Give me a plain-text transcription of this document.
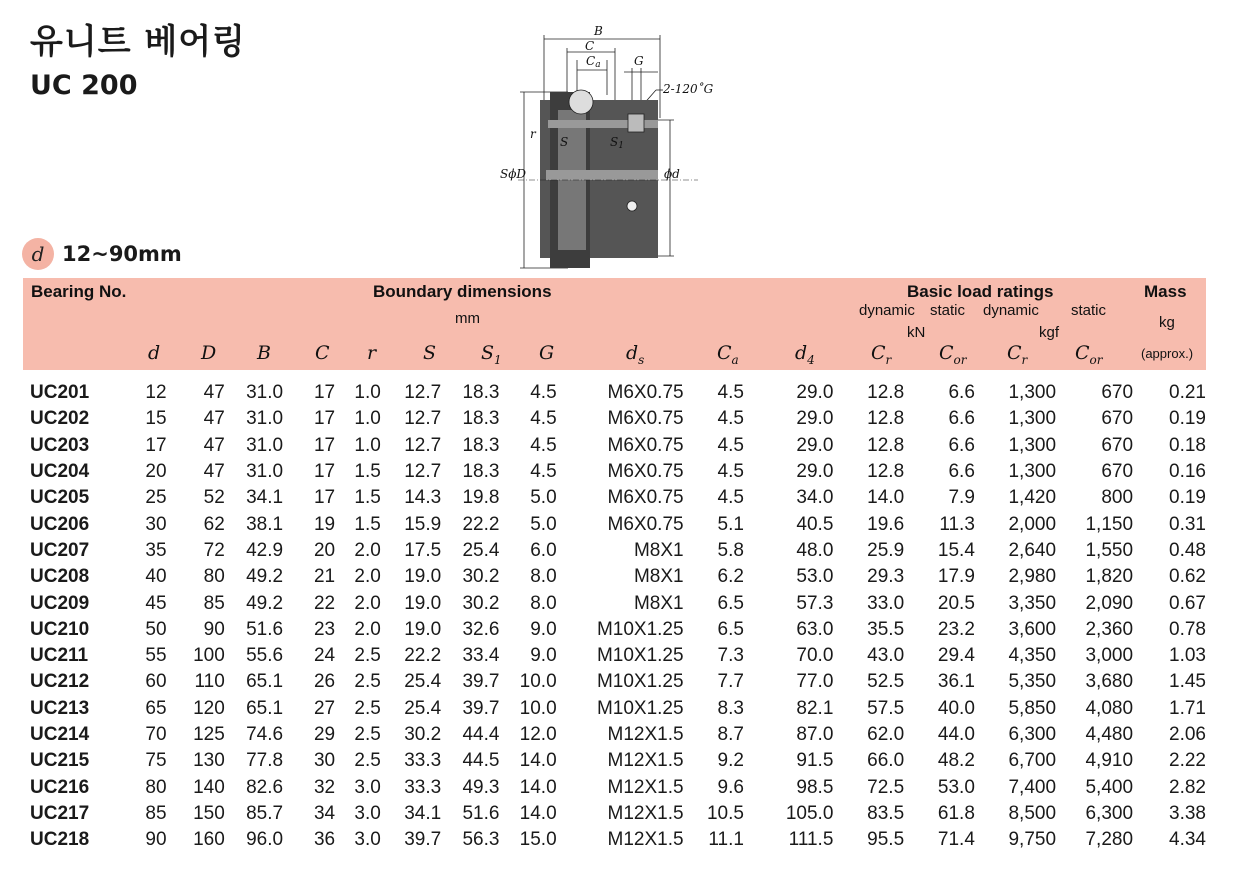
유니트 베어링
UC 200
d 12~90mm
B
C
Ca	G
2-120˚G
r
S	S1
SϕD	ϕd
Bearing No.	Boundary dimensions
mm
Basic load ratings
dynamic static dynamic static
kN	kgf
Mass
kg
(approx.)
d D B C r S $S_1$ G	$d_s$	$C_a$	$d_4$	$C_r$	$C_{or}$ $C_r$	$C_{or}$
UC201	12	47	31.0	17	1.0	12.7	18.3	4.5	M6X0.75	4.5	29.0	12.8	6.6	1,300	670	0.21
UC202	15	47	31.0	17	1.0	12.7	18.3	4.5	M6X0.75	4.5	29.0	12.8	6.6	1,300	670	0.19
UC203	17	47	31.0	17	1.0	12.7	18.3	4.5	M6X0.75	4.5	29.0	12.8	6.6	1,300	670	0.18
UC204	20	47	31.0	17	1.5	12.7	18.3	4.5	M6X0.75	4.5	29.0	12.8	6.6	1,300	670	0.16
UC205	25	52	34.1	17	1.5	14.3	19.8	5.0	M6X0.75	4.5	34.0	14.0	7.9	1,420	800	0.19
UC206	30	62	38.1	19	1.5	15.9	22.2	5.0	M6X0.75	5.1	40.5	19.6	11.3	2,000	1,150	0.31
UC207	35	72	42.9	20	2.0	17.5	25.4	6.0	M8X1	5.8	48.0	25.9	15.4	2,640	1,550	0.48
UC208	40	80	49.2	21	2.0	19.0	30.2	8.0	M8X1	6.2	53.0	29.3	17.9	2,980	1,820	0.62
UC209	45	85	49.2	22	2.0	19.0	30.2	8.0	M8X1	6.5	57.3	33.0	20.5	3,350	2,090	0.67
UC210	50	90	51.6	23	2.0	19.0	32.6	9.0	M10X1.25	6.5	63.0	35.5	23.2	3,600	2,360	0.78
UC211	55	100	55.6	24	2.5	22.2	33.4	9.0	M10X1.25	7.3	70.0	43.0	29.4	4,350	3,000	1.03
UC212	60	110	65.1	26	2.5	25.4	39.7	10.0	M10X1.25	7.7	77.0	52.5	36.1	5,350	3,680	1.45
UC213	65	120	65.1	27	2.5	25.4	39.7	10.0	M10X1.25	8.3	82.1	57.5	40.0	5,850	4,080	1.71
UC214	70	125	74.6	29	2.5	30.2	44.4	12.0	M12X1.5	8.7	87.0	62.0	44.0	6,300	4,480	2.06
UC215	75	130	77.8	30	2.5	33.3	44.5	14.0	M12X1.5	9.2	91.5	66.0	48.2	6,700	4,910	2.22
UC216	80	140	82.6	32	3.0	33.3	49.3	14.0	M12X1.5	9.6	98.5	72.5	53.0	7,400	5,400	2.82
UC217	85	150	85.7	34	3.0	34.1	51.6	14.0	M12X1.5	10.5	105.0	83.5	61.8	8,500	6,300	3.38
UC218	90	160	96.0	36	3.0	39.7	56.3	15.0	M12X1.5	11.1	111.5	95.5	71.4	9,750	7,280	4.34
